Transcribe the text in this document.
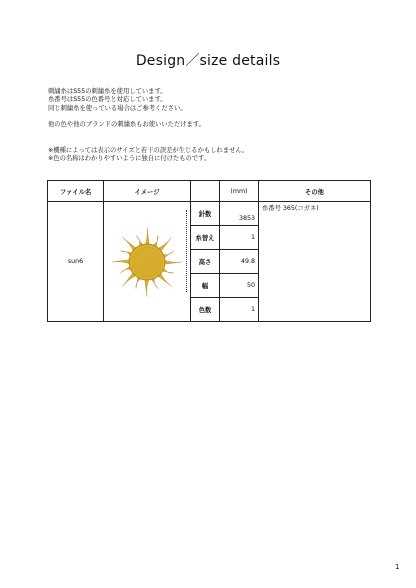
Design／size details
刺繍糸はS55の刺繍糸を使用しています。
糸番号はS55の色番号と対応しています。
同じ刺繍糸を使っている場合はご参考ください。
他の色や他のブランドの刺繍糸もお使いいただけます。
※機種によっては表示のサイズと若干の誤差が生じるかもしれません。
※色の名称はわかりやすいように独自に付けたものです。
ファイル名	イメージ		(mm)	その他
sun6		針数	3853	糸番号 365(コガネ)
		糸替え	1	
		高さ	49.8	
		幅	50	
		色数	1	
1
